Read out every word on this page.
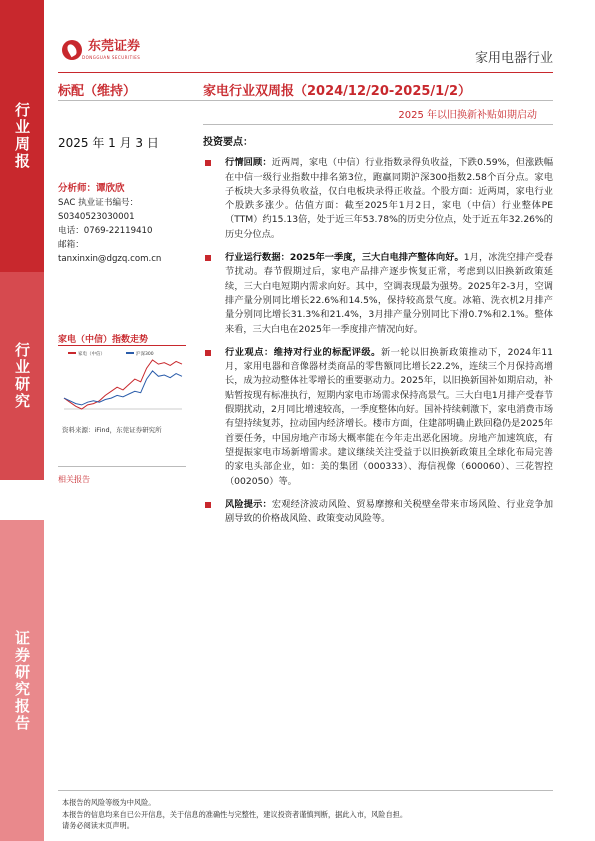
行业周报
行业研究
证券研究报告
东莞证券
DONGGUAN SECURITIES	家用电器行业
标配（维持）	家电行业双周报（2024/12/20-2025/1/2）
2025 年以旧换新补贴如期启动
2025 年 1 月 3 日
分析师：谭欣欣
SAC 执业证书编号：
S0340523030001
电话：0769-22119410
邮箱：
tanxinxin@dgzq.com.cn
家电（中信）指数走势
家电（中信）	沪深300
资料来源：iFind，东莞证券研究所
相关报告
投资要点：
行情回顾：近两周，家电（中信）行业指数录得负收益，下跌0.59%，但涨跌幅在中信一级行业指数中排名第3位，跑赢同期沪深300指数2.58个百分点。家电子板块大多录得负收益，仅白电板块录得正收益。个股方面：近两周，家电行业个股跌多涨少。估值方面：截至2025年1月2日，家电（中信）行业整体PE（TTM）约15.13倍，处于近三年53.78%的历史分位点，处于近五年32.26%的历史分位点。
行业运行数据：2025年一季度，三大白电排产整体向好。1月，冰洗空排产受春节扰动。春节假期过后，家电产品排产逐步恢复正常，考虑到以旧换新政策延续，三大白电短期内需求向好。其中，空调表现最为强势。2025年2-3月，空调排产量分别同比增长22.6%和14.5%，保持较高景气度。冰箱、洗衣机2月排产量分别同比增长31.3%和21.4%，3月排产量分别同比下滑0.7%和2.1%。整体来看，三大白电在2025年一季度排产情况向好。
行业观点：维持对行业的标配评级。新一轮以旧换新政策推动下，2024年11月，家用电器和音像器材类商品的零售额同比增长22.2%，连续三个月保持高增长，成为拉动整体社零增长的重要驱动力。2025年，以旧换新国补如期启动，补贴暂按现有标准执行，短期内家电市场需求保持高景气。三大白电1月排产受春节假期扰动，2月同比增速较高，一季度整体向好。国补持续刺激下，家电消费市场有望持续复苏，拉动国内经济增长。楼市方面，住建部明确止跌回稳仍是2025年首要任务，中国房地产市场大概率能在今年走出恶化困境。房地产加速筑底，有望提振家电市场新增需求。建议继续关注受益于以旧换新政策且全球化布局完善的家电头部企业，如：美的集团（000333）、海信视像（600060）、三花智控（002050）等。
风险提示：宏观经济波动风险、贸易摩擦和关税壁垒带来市场风险、行业竞争加剧导致的价格战风险、政策变动风险等。
本报告的风险等级为中风险。
本报告的信息均来自已公开信息，关于信息的准确性与完整性，建议投资者谨慎判断，据此入市，风险自担。
请务必阅读末页声明。
